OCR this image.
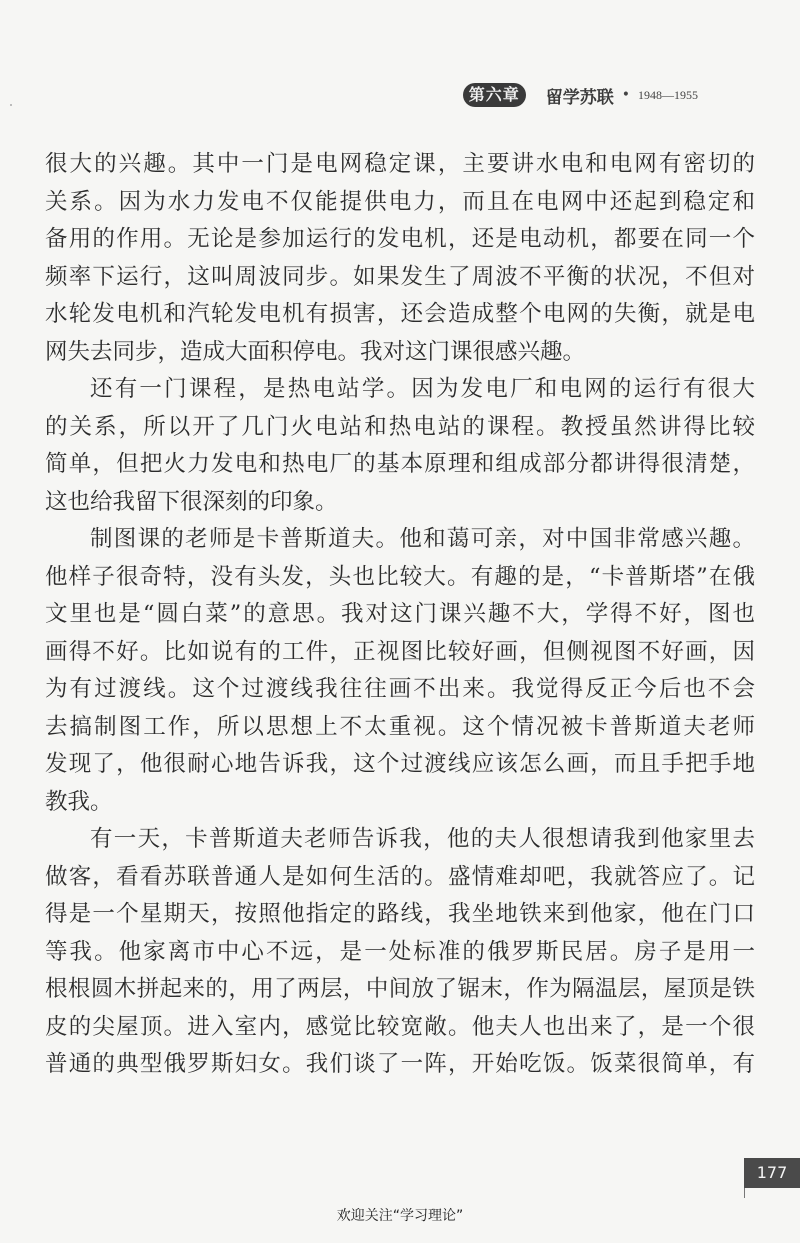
第六章	留学苏联 • 1948—1955

很大的兴趣。其中一门是电网稳定课，主要讲水电和电网有密切的
关系。因为水力发电不仅能提供电力，而且在电网中还起到稳定和
备用的作用。无论是参加运行的发电机，还是电动机，都要在同一个
频率下运行，这叫周波同步。如果发生了周波不平衡的状况，不但对
水轮发电机和汽轮发电机有损害，还会造成整个电网的失衡，就是电
网失去同步，造成大面积停电。我对这门课很感兴趣。

还有一门课程，是热电站学。因为发电厂和电网的运行有很大
的关系，所以开了几门火电站和热电站的课程。教授虽然讲得比较
简单，但把火力发电和热电厂的基本原理和组成部分都讲得很清楚，
这也给我留下很深刻的印象。

制图课的老师是卡普斯道夫。他和蔼可亲，对中国非常感兴趣。
他样子很奇特，没有头发，头也比较大。有趣的是，“卡普斯塔”在俄
文里也是“圆白菜”的意思。我对这门课兴趣不大，学得不好，图也
画得不好。比如说有的工件，正视图比较好画，但侧视图不好画，因
为有过渡线。这个过渡线我往往画不出来。我觉得反正今后也不会
去搞制图工作，所以思想上不太重视。这个情况被卡普斯道夫老师
发现了，他很耐心地告诉我，这个过渡线应该怎么画，而且手把手地
教我。

有一天，卡普斯道夫老师告诉我，他的夫人很想请我到他家里去
做客，看看苏联普通人是如何生活的。盛情难却吧，我就答应了。记
得是一个星期天，按照他指定的路线，我坐地铁来到他家，他在门口
等我。他家离市中心不远，是一处标准的俄罗斯民居。房子是用一
根根圆木拼起来的，用了两层，中间放了锯末，作为隔温层，屋顶是铁
皮的尖屋顶。进入室内，感觉比较宽敞。他夫人也出来了，是一个很
普通的典型俄罗斯妇女。我们谈了一阵，开始吃饭。饭菜很简单，有

177
欢迎关注“学习理论”
